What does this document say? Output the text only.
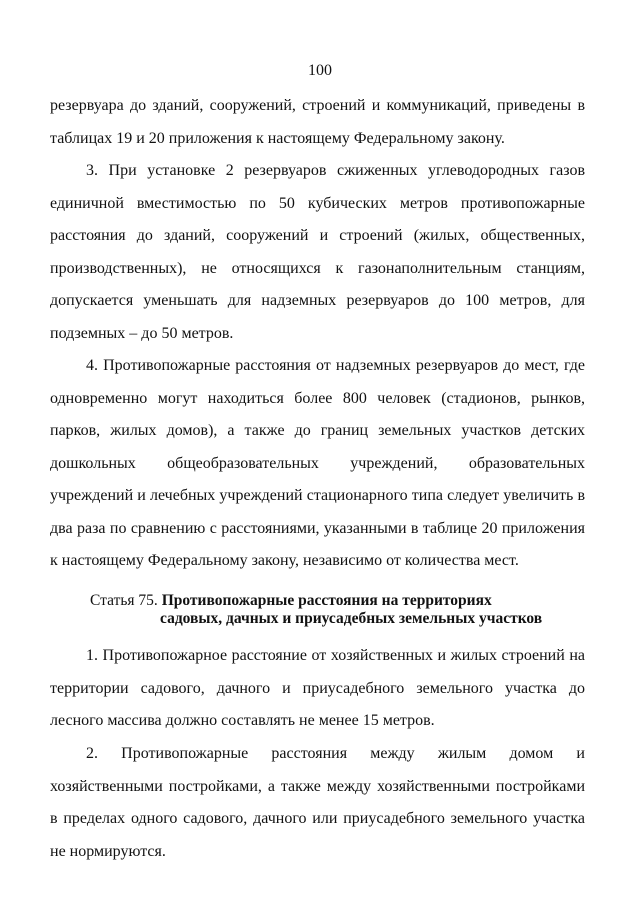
100

резервуара до зданий, сооружений, строений и коммуникаций, приведены в таблицах 19 и 20 приложения к настоящему Федеральному закону.

3. При установке 2 резервуаров сжиженных углеводородных газов единичной вместимостью по 50 кубических метров противопожарные расстояния до зданий, сооружений и строений (жилых, общественных, производственных), не относящихся к газонаполнительным станциям, допускается уменьшать для надземных резервуаров до 100 метров, для подземных – до 50 метров.

4. Противопожарные расстояния от надземных резервуаров до мест, где одновременно могут находиться более 800 человек (стадионов, рынков, парков, жилых домов), а также до границ земельных участков детских дошкольных общеобразовательных учреждений, образовательных учреждений и лечебных учреждений стационарного типа следует увеличить в два раза по сравнению с расстояниями, указанными в таблице 20 приложения к настоящему Федеральному закону, независимо от количества мест.

Статья 75. Противопожарные расстояния на территориях
садовых, дачных и приусадебных земельных участков

1. Противопожарное расстояние от хозяйственных и жилых строений на территории садового, дачного и приусадебного земельного участка до лесного массива должно составлять не менее 15 метров.

2. Противопожарные расстояния между жилым домом и хозяйственными постройками, а также между хозяйственными постройками в пределах одного садового, дачного или приусадебного земельного участка не нормируются.
